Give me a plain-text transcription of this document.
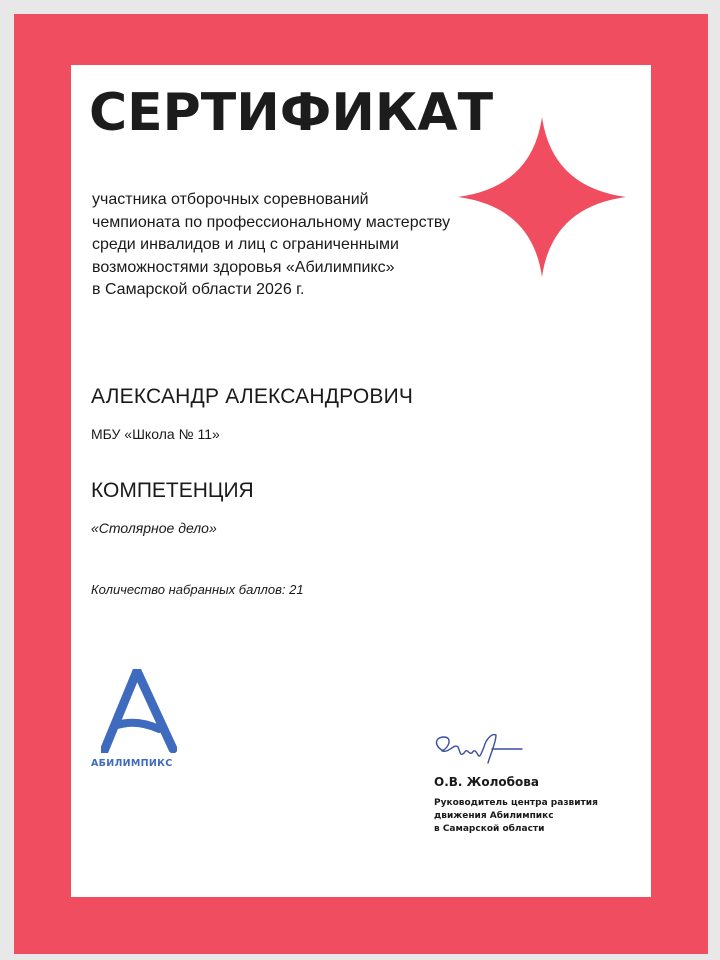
СЕРТИФИКАТ
участника отборочных соревнований
чемпионата по профессиональному мастерству
среди инвалидов и лиц с ограниченными
возможностями здоровья «Абилимпикс»
в Самарской области 2026 г.
АЛЕКСАНДР АЛЕКСАНДРОВИЧ
МБУ «Школа № 11»
КОМПЕТЕНЦИЯ
«Столярное дело»
Количество набранных баллов: 21
АБИЛИМПИКС
О.В. Жолобова
Руководитель центра развития
движения Абилимпикс
в Самарской области
